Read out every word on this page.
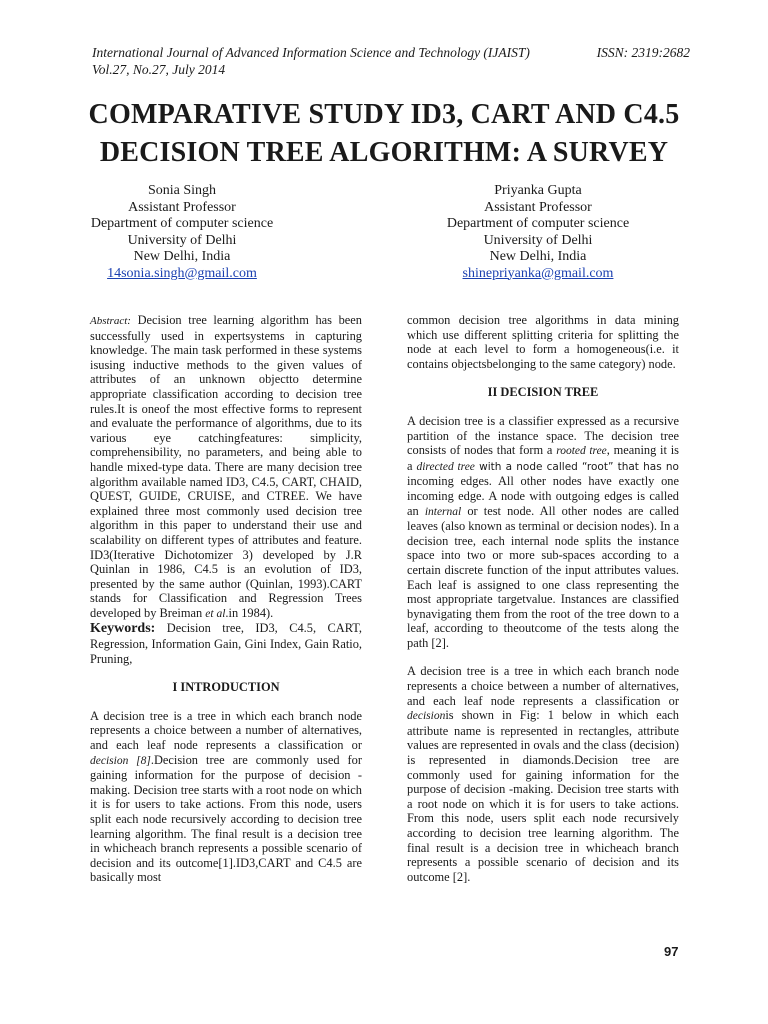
International Journal of Advanced Information Science and Technology (IJAIST)	ISSN: 2319:2682
Vol.27, No.27, July 2014
COMPARATIVE STUDY ID3, CART AND C4.5
DECISION TREE ALGORITHM: A SURVEY
Sonia Singh
Assistant Professor
Department of computer science
University of Delhi
New Delhi, India
14sonia.singh@gmail.com
Priyanka Gupta
Assistant Professor
Department of computer science
University of Delhi
New Delhi, India
shinepriyanka@gmail.com

Abstract: Decision tree learning algorithm has been successfully used in expertsystems in capturing knowledge. The main task performed in these systems isusing inductive methods to the given values of attributes of an unknown objectto determine appropriate classification according to decision tree rules.It is oneof the most effective forms to represent and evaluate the performance of algorithms, due to its various eye catchingfeatures: simplicity, comprehensibility, no parameters, and being able to handle mixed-type data. There are many decision tree algorithm available named ID3, C4.5, CART, CHAID, QUEST, GUIDE, CRUISE, and CTREE. We have explained three most commonly used decision tree algorithm in this paper to understand their use and scalability on different types of attributes and feature. ID3(Iterative Dichotomizer 3) developed by J.R Quinlan in 1986, C4.5 is an evolution of ID3, presented by the same author (Quinlan, 1993).CART stands for Classification and Regression Trees developed by Breiman et al.in 1984).

Keywords: Decision tree, ID3, C4.5, CART, Regression, Information Gain, Gini Index, Gain Ratio, Pruning,

I INTRODUCTION

A decision tree is a tree in which each branch node represents a choice between a number of alternatives, and each leaf node represents a classification or decision [8].Decision tree are commonly used for gaining information for the purpose of decision -making. Decision tree starts with a root node on which it is for users to take actions. From this node, users split each node recursively according to decision tree learning algorithm. The final result is a decision tree in whicheach branch represents a possible scenario of decision and its outcome[1].ID3,CART and C4.5 are basically most

common decision tree algorithms in data mining which use different splitting criteria for splitting the node at each level to form a homogeneous(i.e. it contains objectsbelonging to the same category) node.

II DECISION TREE

A decision tree is a classifier expressed as a recursive partition of the instance space. The decision tree consists of nodes that form a rooted tree, meaning it is a directed tree with a node called “root” that has no incoming edges. All other nodes have exactly one incoming edge. A node with outgoing edges is called an internal or test node. All other nodes are called leaves (also known as terminal or decision nodes). In a decision tree, each internal node splits the instance space into two or more sub-spaces according to a certain discrete function of the input attributes values. Each leaf is assigned to one class representing the most appropriate targetvalue. Instances are classified bynavigating them from the root of the tree down to a leaf, according to theoutcome of the tests along the path [2].

A decision tree is a tree in which each branch node represents a choice between a number of alternatives, and each leaf node represents a classification or decisionis shown in Fig: 1 below in which each attribute name is represented in rectangles, attribute values are represented in ovals and the class (decision) is represented in diamonds.Decision tree are commonly used for gaining information for the purpose of decision -making. Decision tree starts with a root node on which it is for users to take actions. From this node, users split each node recursively according to decision tree learning algorithm. The final result is a decision tree in whicheach branch represents a possible scenario of decision and its outcome [2].

97
